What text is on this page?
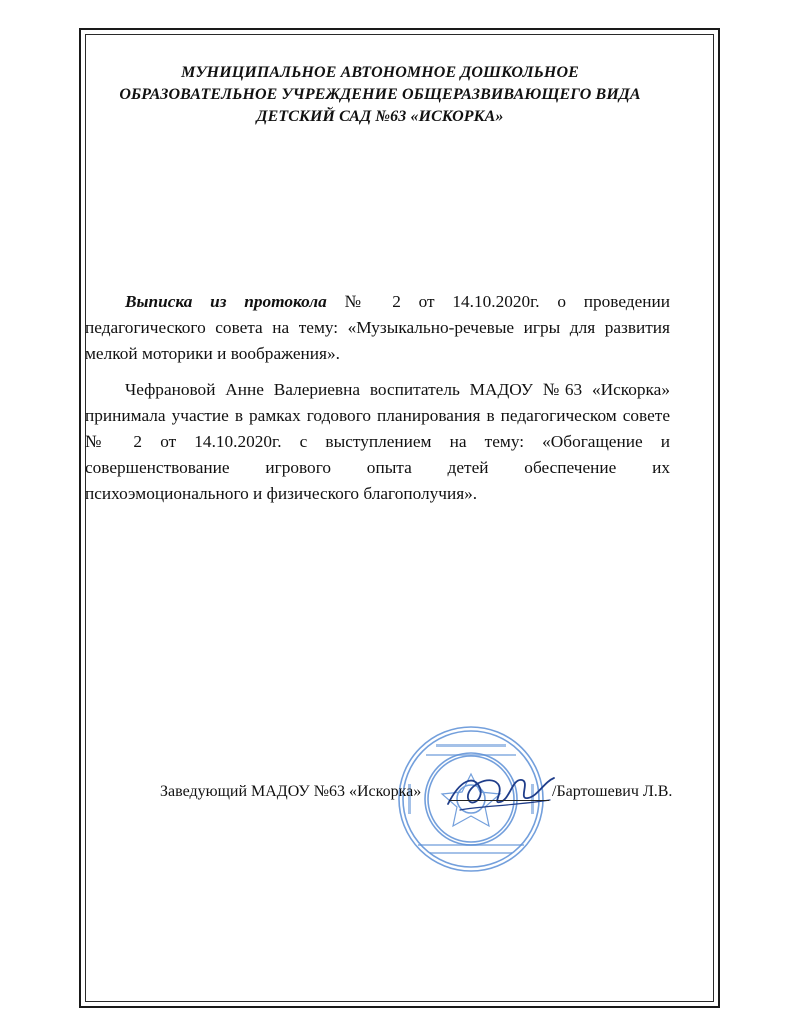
МУНИЦИПАЛЬНОЕ АВТОНОМНОЕ ДОШКОЛЬНОЕ
ОБРАЗОВАТЕЛЬНОЕ УЧРЕЖДЕНИЕ ОБЩЕРАЗВИВАЮЩЕГО ВИДА
ДЕТСКИЙ САД №63 «ИСКОРКА»

Выписка из протокола № 2 от 14.10.2020г. о проведении педагогического совета на тему: «Музыкально-речевые игры для развития мелкой моторики и воображения».

Чефрановой Анне Валериевна воспитатель МАДОУ №63 «Искорка» принимала участие в рамках годового планирования в педагогическом совете № 2 от 14.10.2020г. с выступлением на тему: «Обогащение и совершенствование игрового опыта детей обеспечение их психоэмоционального и физического благополучия».

Заведующий МАДОУ №63 «Искорка»	/Бартошевич Л.В.
